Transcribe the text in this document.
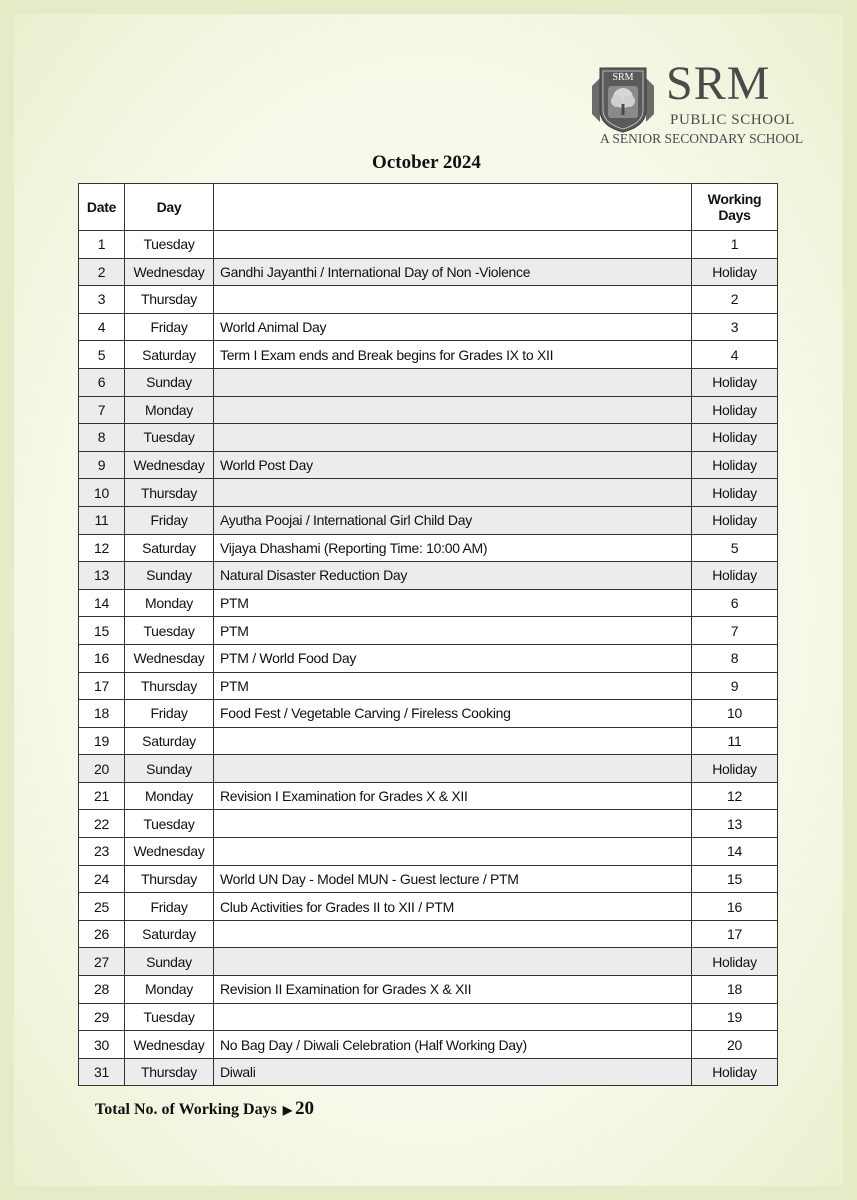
SRM SRM
PUBLIC SCHOOL
A SENIOR SECONDARY SCHOOL
October 2024
Date	Day		Working
Days
1	Tuesday		1
2	Wednesday	Gandhi Jayanthi / International Day of Non -Violence	Holiday
3	Thursday		2
4	Friday	World Animal Day	3
5	Saturday	Term I Exam ends and Break begins for Grades IX to XII	4
6	Sunday		Holiday
7	Monday		Holiday
8	Tuesday		Holiday
9	Wednesday	World Post Day	Holiday
10	Thursday		Holiday
11	Friday	Ayutha Poojai / International Girl Child Day	Holiday
12	Saturday	Vijaya Dhashami (Reporting Time: 10:00 AM)	5
13	Sunday	Natural Disaster Reduction Day	Holiday
14	Monday	PTM	6
15	Tuesday	PTM	7
16	Wednesday	PTM / World Food Day	8
17	Thursday	PTM	9
18	Friday	Food Fest / Vegetable Carving / Fireless Cooking	10
19	Saturday		11
20	Sunday		Holiday
21	Monday	Revision I Examination for Grades X & XII	12
22	Tuesday		13
23	Wednesday		14
24	Thursday	World UN Day - Model MUN - Guest lecture / PTM	15
25	Friday	Club Activities for Grades II to XII / PTM	16
26	Saturday		17
27	Sunday		Holiday
28	Monday	Revision II Examination for Grades X & XII	18
29	Tuesday		19
30	Wednesday	No Bag Day / Diwali Celebration (Half Working Day)	20
31	Thursday	Diwali	Holiday
Total No. of Working Days ▶ 20
